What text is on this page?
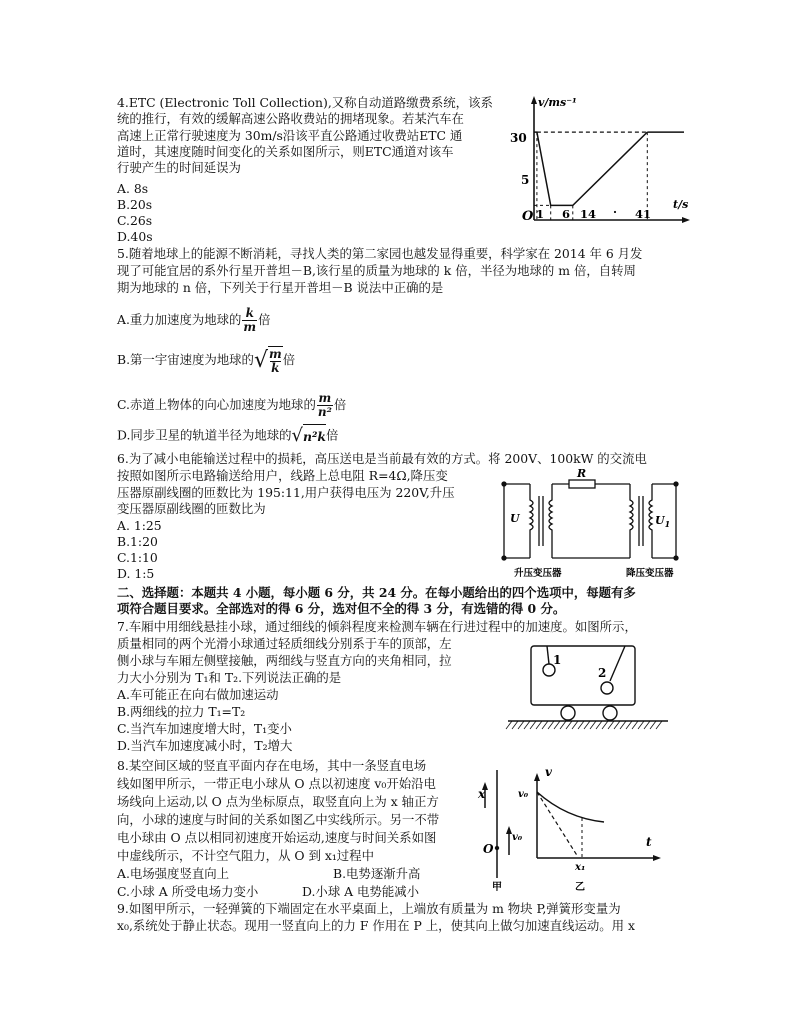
4.ETC (Electronic Toll Collection),又称自动道路缴费系统，该系
统的推行，有效的缓解高速公路收费站的拥堵现象。若某汽车在
高速上正常行驶速度为 30m/s沿该平直公路通过收费站ETC 通
道时，其速度随时间变化的关系如图所示，则ETC通道对该车
行驶产生的时间延误为
A. 8s
B.20s
C.26s
D.40s
v/ms⁻¹
t/s
O
30
5
1 6 14 · 41
5.随着地球上的能源不断消耗，寻找人类的第二家园也越发显得重要，科学家在 2014 年 6 月发
现了可能宜居的系外行星开普坦－B,该行星的质量为地球的 k 倍，半径为地球的 m 倍，自转周
期为地球的 n 倍，下列关于行星开普坦－B 说法中正确的是
A.重力加速度为地球的 $\frac{k}{m}$ 倍
B.第一宇宙速度为地球的 √ $\frac{m}{k}$ 倍
C.赤道上物体的向心加速度为地球的 $\frac{m}{\text{n²}}$ 倍
D.同步卫星的轨道半径为地球的 √ n²k 倍
6.为了减小电能输送过程中的损耗，高压送电是当前最有效的方式。将 200V、100kW 的交流电
按照如图所示电路输送给用户，线路上总电阻 R=4Ω,降压变
压器原副线圈的匝数比为 195:11,用户获得电压为 220V,升压
变压器原副线圈的匝数比为
A. 1:25
B.1:20
C.1:10
D. 1:5
R
U	$U_1$
升压变压器	降压变压器
二、选择题：本题共 4 小题，每小题 6 分，共 24 分。在每小题给出的四个选项中，每题有多
项符合题目要求。全部选对的得 6 分，选对但不全的得 3 分，有选错的得 0 分。
7.车厢中用细线悬挂小球，通过细线的倾斜程度来检测车辆在行进过程中的加速度。如图所示，
质量相同的两个光滑小球通过轻质细线分别系于车的顶部，左
侧小球与车厢左侧壁接触，两细线与竖直方向的夹角相同，拉
力大小分别为 T₁和 T₂.下列说法正确的是
A.车可能正在向右做加速运动
B.两细线的拉力 T₁=T₂
C.当汽车加速度增大时，T₁变小
D.当汽车加速度减小时，T₂增大
1
2
8.某空间区域的竖直平面内存在电场，其中一条竖直电场
线如图甲所示，一带正电小球从 O 点以初速度 v₀开始沿电
场线向上运动,以 O 点为坐标原点，取竖直向上为 x 轴正方
向，小球的速度与时间的关系如图乙中实线所示。另一不带
电小球由 O 点以相同初速度开始运动,速度与时间关系如图
中虚线所示，不计空气阻力，从 O 到 x₁过程中
A.电场强度竖直向上	B.电势逐渐升高
C.小球 A 所受电场力变小	D.小球 A 电势能减小
x
v₀
O
甲
v
t
v₀
x₁
乙
9.如图甲所示，一轻弹簧的下端固定在水平桌面上，上端放有质量为 m 物块 P,弹簧形变量为
x₀,系统处于静止状态。现用一竖直向上的力 F 作用在 P 上，使其向上做匀加速直线运动。用 x
